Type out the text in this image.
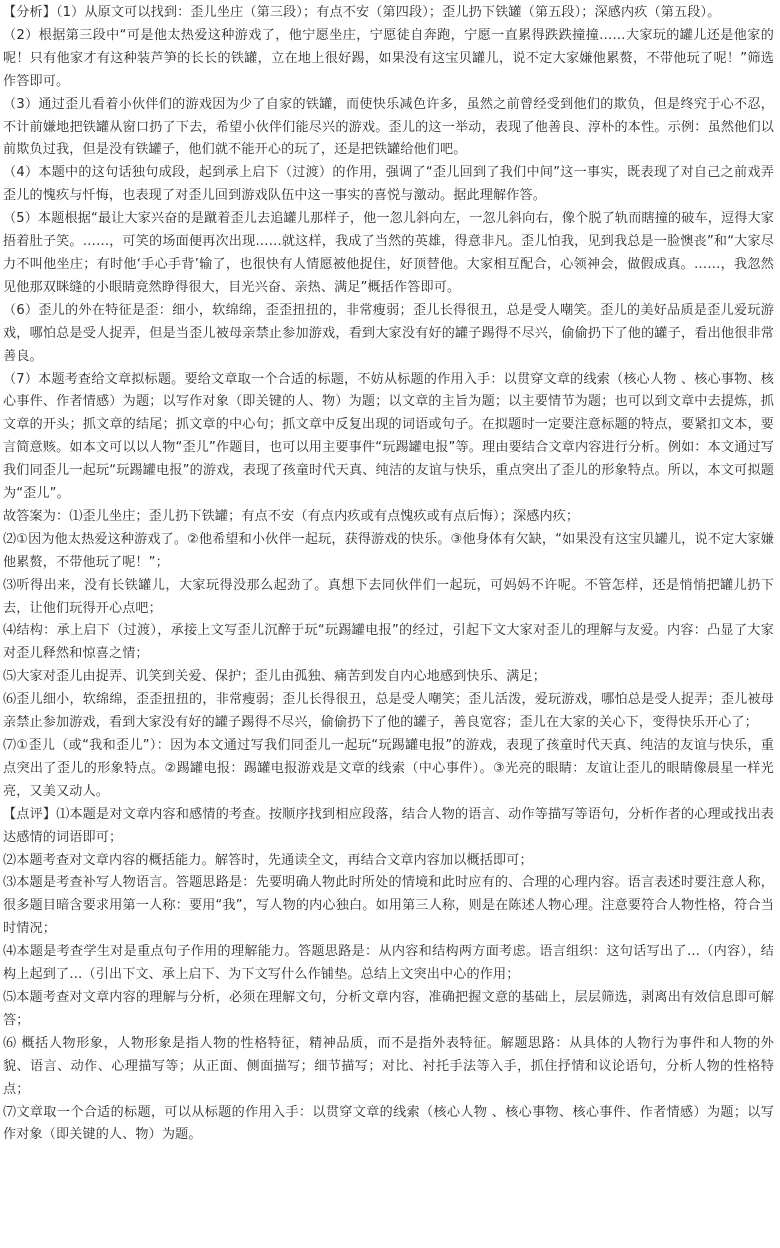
【分析】（1）从原文可以找到：歪儿坐庄（第三段）；有点不安（第四段）；歪儿扔下铁罐（第五段）；深感内疚（第五段）。

（2）根据第三段中“可是他太热爱这种游戏了，他宁愿坐庄，宁愿徒自奔跑，宁愿一直累得跌跌撞撞……大家玩的罐儿还是他家的呢！只有他家才有这种装芦笋的长长的铁罐，立在地上很好踢，如果没有这宝贝罐儿，说不定大家嫌他累赘，不带他玩了呢！”筛选作答即可。

（3）通过歪儿看着小伙伴们的游戏因为少了自家的铁罐，而使快乐减色许多，虽然之前曾经受到他们的欺负，但是终究于心不忍，不计前嫌地把铁罐从窗口扔了下去，希望小伙伴们能尽兴的游戏。歪儿的这一举动，表现了他善良、淳朴的本性。示例：虽然他们以前欺负过我，但是没有铁罐子，他们就不能开心的玩了，还是把铁罐给他们吧。

（4）本题中的这句话独句成段，起到承上启下（过渡）的作用，强调了“歪儿回到了我们中间”这一事实，既表现了对自己之前戏弄歪儿的愧疚与忏悔，也表现了对歪儿回到游戏队伍中这一事实的喜悦与激动。据此理解作答。

（5）本题根据“最让大家兴奋的是蹴着歪儿去追罐儿那样子，他一忽儿斜向左，一忽儿斜向右，像个脱了轨而瞎撞的破车，逗得大家捂着肚子笑。……，可笑的场面便再次出现……就这样，我成了当然的英雄，得意非凡。歪儿怕我，见到我总是一脸懊丧”和“大家尽力不叫他坐庄；有时他‘手心手背’输了，也很快有人情愿被他捉住，好顶替他。大家相互配合，心领神会，做假成真。……，我忽然见他那双眯缝的小眼睛竟然睁得很大，目光兴奋、亲热、满足”概括作答即可。

（6）歪儿的外在特征是歪：细小，软绵绵，歪歪扭扭的，非常瘦弱；歪儿长得很丑，总是受人嘲笑。歪儿的美好品质是歪儿爱玩游戏，哪怕总是受人捉弄，但是当歪儿被母亲禁止参加游戏，看到大家没有好的罐子踢得不尽兴，偷偷扔下了他的罐子，看出他很非常善良。

（7）本题考查给文章拟标题。要给文章取一个合适的标题，不妨从标题的作用入手：以贯穿文章的线索（核心人物 、核心事物、核心事件、作者情感）为题；以写作对象（即关键的人、物）为题；以文章的主旨为题；以主要情节为题；也可以到文章中去提炼，抓文章的开头；抓文章的结尾；抓文章的中心句；抓文章中反复出现的词语或句子。在拟题时一定要注意标题的特点，要紧扣文本，要言简意赅。如本文可以以人物“歪儿”作题目，也可以用主要事件“玩踢罐电报”等。理由要结合文章内容进行分析。例如：本文通过写我们同歪儿一起玩“玩踢罐电报”的游戏，表现了孩童时代天真、纯洁的友谊与快乐，重点突出了歪儿的形象特点。所以，本文可拟题为“歪儿”。

故答案为：⑴歪儿坐庄；歪儿扔下铁罐；有点不安（有点内疚或有点愧疚或有点后悔）；深感内疚；

⑵①因为他太热爱这种游戏了。②他希望和小伙伴一起玩，获得游戏的快乐。③他身体有欠缺，“如果没有这宝贝罐儿，说不定大家嫌他累赘，不带他玩了呢！”；

⑶听得出来，没有长铁罐儿，大家玩得没那么起劲了。真想下去同伙伴们一起玩，可妈妈不许呢。不管怎样，还是悄悄把罐儿扔下去，让他们玩得开心点吧；

⑷结构：承上启下（过渡），承接上文写歪儿沉醉于玩“玩踢罐电报”的经过，引起下文大家对歪儿的理解与友爱。内容：凸显了大家对歪儿释然和惊喜之情；

⑸大家对歪儿由捉弄、讥笑到关爱、保护；歪儿由孤独、痛苦到发自内心地感到快乐、满足；

⑹歪儿细小，软绵绵，歪歪扭扭的，非常瘦弱；歪儿长得很丑，总是受人嘲笑；歪儿活泼，爱玩游戏，哪怕总是受人捉弄；歪儿被母亲禁止参加游戏，看到大家没有好的罐子踢得不尽兴，偷偷扔下了他的罐子，善良宽容；歪儿在大家的关心下，变得快乐开心了；

⑺①歪儿（或“我和歪儿”）：因为本文通过写我们同歪儿一起玩“玩踢罐电报”的游戏，表现了孩童时代天真、纯洁的友谊与快乐，重点突出了歪儿的形象特点。②踢罐电报：踢罐电报游戏是文章的线索（中心事件）。③光亮的眼睛：友谊让歪儿的眼睛像晨星一样光亮，又美又动人。

【点评】⑴本题是对文章内容和感情的考查。按顺序找到相应段落，结合人物的语言、动作等描写等语句，分析作者的心理或找出表达感情的词语即可；

⑵本题考查对文章内容的概括能力。解答时，先通读全文，再结合文章内容加以概括即可；

⑶本题是考查补写人物语言。答题思路是：先要明确人物此时所处的情境和此时应有的、合理的心理内容。语言表述时要注意人称，很多题目暗含要求用第一人称：要用“我”，写人物的内心独白。如用第三人称，则是在陈述人物心理。注意要符合人物性格，符合当时情况；

⑷本题是考查学生对是重点句子作用的理解能力。答题思路是：从内容和结构两方面考虑。语言组织：这句话写出了…（内容），结构上起到了…（引出下文、承上启下、为下文写什么作铺垫。总结上文突出中心的作用；

⑸本题考查对文章内容的理解与分析，必须在理解文句，分析文章内容，准确把握文意的基础上，层层筛选，剥离出有效信息即可解答；

⑹ 概括人物形象，人物形象是指人物的性格特征，精神品质，而不是指外表特征。解题思路：从具体的人物行为事件和人物的外貌、语言、动作、心理描写等；从正面、侧面描写；细节描写；对比、衬托手法等入手，抓住抒情和议论语句，分析人物的性格特点；

⑺文章取一个合适的标题，可以从标题的作用入手：以贯穿文章的线索（核心人物 、核心事物、核心事件、作者情感）为题；以写作对象（即关键的人、物）为题。
